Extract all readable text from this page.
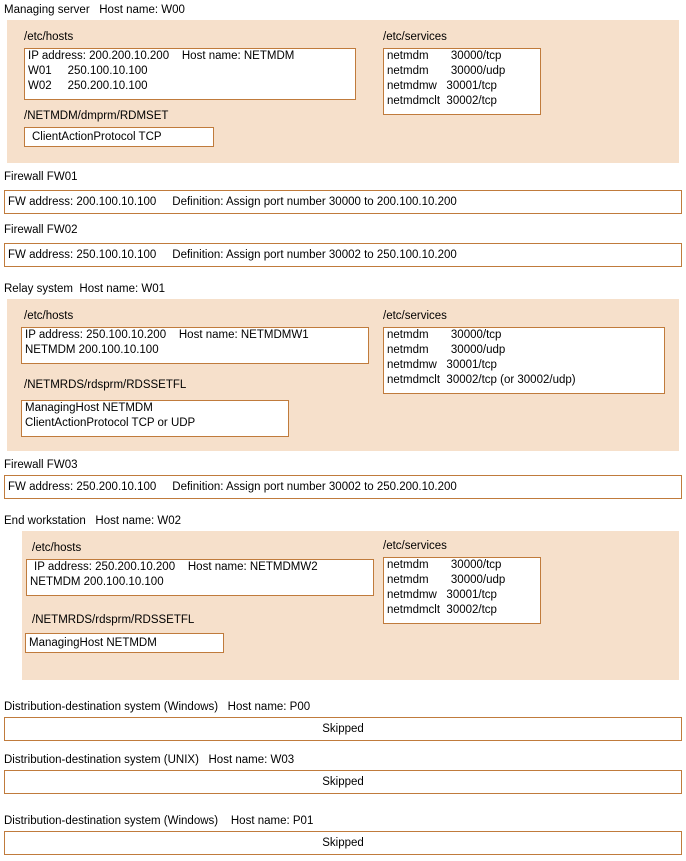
Managing server   Host name: W00
/etc/hosts
IP address: 200.200.10.200    Host name: NETMDM
W01     250.100.10.100
W02     250.200.10.100
/NETMDM/dmprm/RDMSET
ClientActionProtocol TCP
/etc/services
netmdm       30000/tcp
netmdm       30000/udp
netmdmw   30001/tcp
netmdmclt  30002/tcp
Firewall FW01
FW address: 200.100.10.100     Definition: Assign port number 30000 to 200.100.10.200
Firewall FW02
FW address: 250.100.10.100     Definition: Assign port number 30002 to 250.100.10.200
Relay system  Host name: W01
/etc/hosts
IP address: 250.100.10.200    Host name: NETMDMW1
NETMDM 200.100.10.100
/NETMRDS/rdsprm/RDSSETFL
ManagingHost NETMDM
ClientActionProtocol TCP or UDP
/etc/services
netmdm       30000/tcp
netmdm       30000/udp
netmdmw   30001/tcp
netmdmclt  30002/tcp (or 30002/udp)
Firewall FW03
FW address: 250.200.10.100     Definition: Assign port number 30002 to 250.200.10.200
End workstation   Host name: W02
/etc/hosts
IP address: 250.200.10.200    Host name: NETMDMW2
NETMDM 200.100.10.100
/NETMRDS/rdsprm/RDSSETFL
ManagingHost NETMDM
/etc/services
netmdm       30000/tcp
netmdm       30000/udp
netmdmw   30001/tcp
netmdmclt  30002/tcp
Distribution-destination system (Windows)   Host name: P00
Skipped
Distribution-destination system (UNIX)   Host name: W03
Skipped
Distribution-destination system (Windows)    Host name: P01
Skipped
